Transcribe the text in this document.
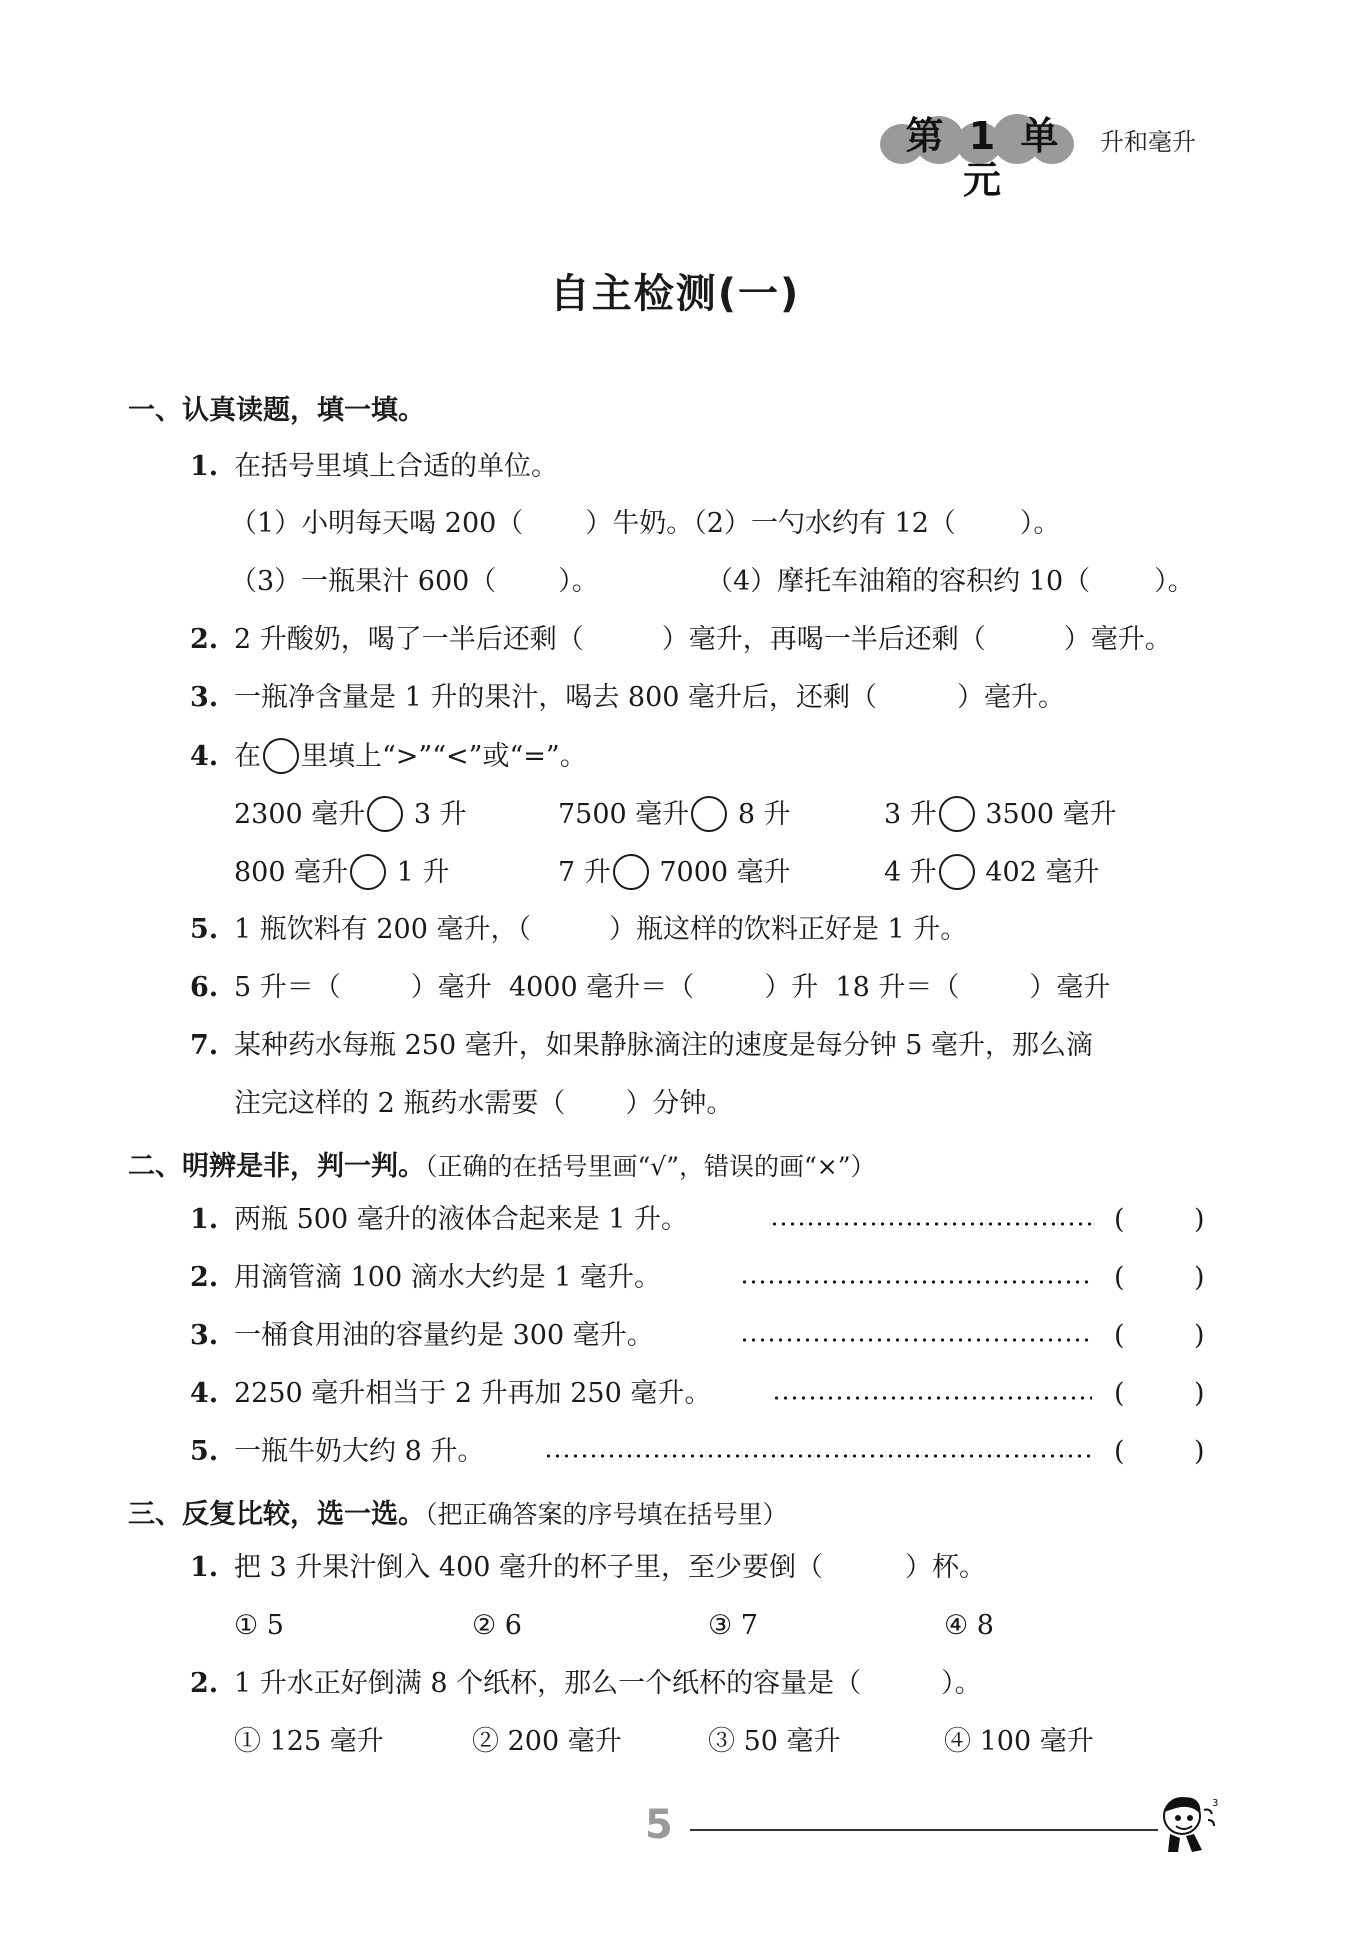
第 1 单元
升和毫升
自主检测(一)
一、认真读题，填一填。
1. 在括号里填上合适的单位。
（1）小明每天喝 200（ ）牛奶。（2）一勺水约有 12（ ）。
（3）一瓶果汁 600（ ）。	（4）摩托车油箱的容积约 10（ ）。
2. 2 升酸奶，喝了一半后还剩（	）毫升，再喝一半后还剩（	）毫升。
3. 一瓶净含量是 1 升的果汁，喝去 800 毫升后，还剩（	）毫升。
4. 在 里填上“>”“<”或“=”。
2300 毫升 3 升	7500 毫升 8 升	3 升 3500 毫升
800 毫升 1 升	7 升 7000 毫升	4 升 402 毫升
5. 1 瓶饮料有 200 毫升，（	）瓶这样的饮料正好是 1 升。
6. 5 升＝（	）毫升 4000 毫升＝（	）升 18 升＝（	）毫升
7. 某种药水每瓶 250 毫升，如果静脉滴注的速度是每分钟 5 毫升，那么滴
注完这样的 2 瓶药水需要（ ）分钟。
二、明辨是非，判一判。（正确的在括号里画“√”，错误的画“×”）
1. 两瓶 500 毫升的液体合起来是 1 升。	(	)
2. 用滴管滴 100 滴水大约是 1 毫升。	(	)
3. 一桶食用油的容量约是 300 毫升。	(	)
4. 2250 毫升相当于 2 升再加 250 毫升。	(	)
5. 一瓶牛奶大约 8 升。	(	)
三、反复比较，选一选。（把正确答案的序号填在括号里）
1. 把 3 升果汁倒入 400 毫升的杯子里，至少要倒（	）杯。
① 5	② 6	③ 7	④ 8
2. 1 升水正好倒满 8 个纸杯，那么一个纸杯的容量是（	）。
① 125 毫升	② 200 毫升	③ 50 毫升	④ 100 毫升
5	3
